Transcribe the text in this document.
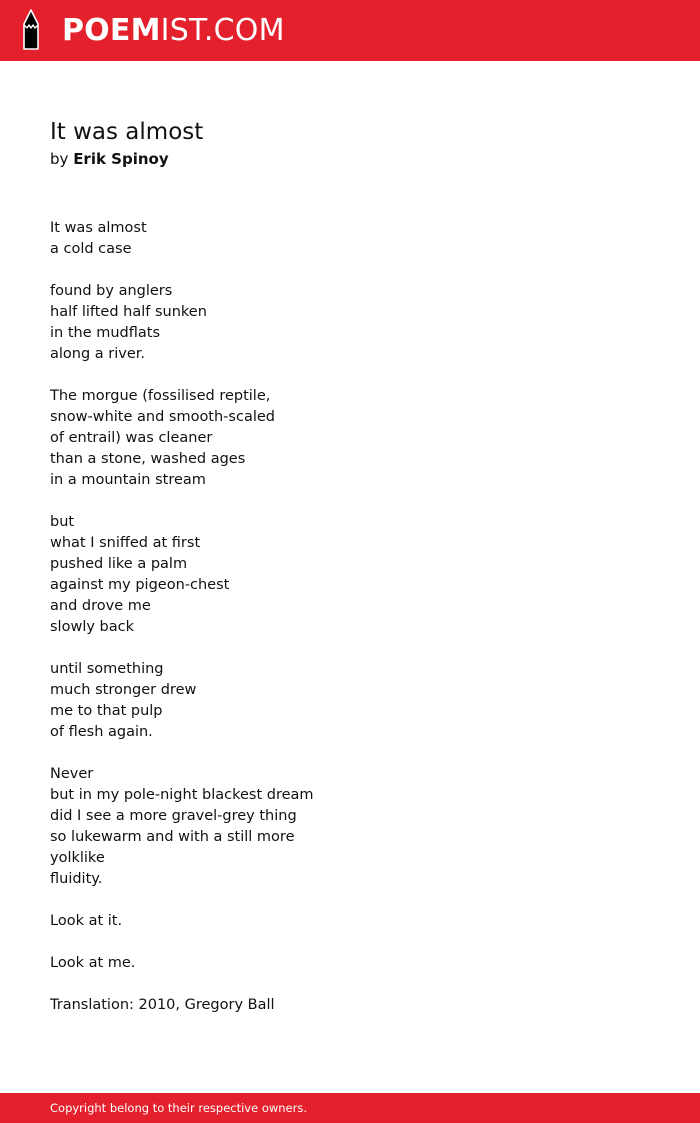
POEMIST.COM
It was almost
by Erik Spinoy
It was almost
a cold case
found by anglers
half lifted half sunken
in the mudflats
along a river.
The morgue (fossilised reptile,
snow-white and smooth-scaled
of entrail) was cleaner
than a stone, washed ages
in a mountain stream
but
what I sniffed at first
pushed like a palm
against my pigeon-chest
and drove me
slowly back
until something
much stronger drew
me to that pulp
of flesh again.
Never
but in my pole-night blackest dream
did I see a more gravel-grey thing
so lukewarm and with a still more
yolklike
fluidity.
Look at it.
Look at me.
Translation: 2010, Gregory Ball
Copyright belong to their respective owners.
